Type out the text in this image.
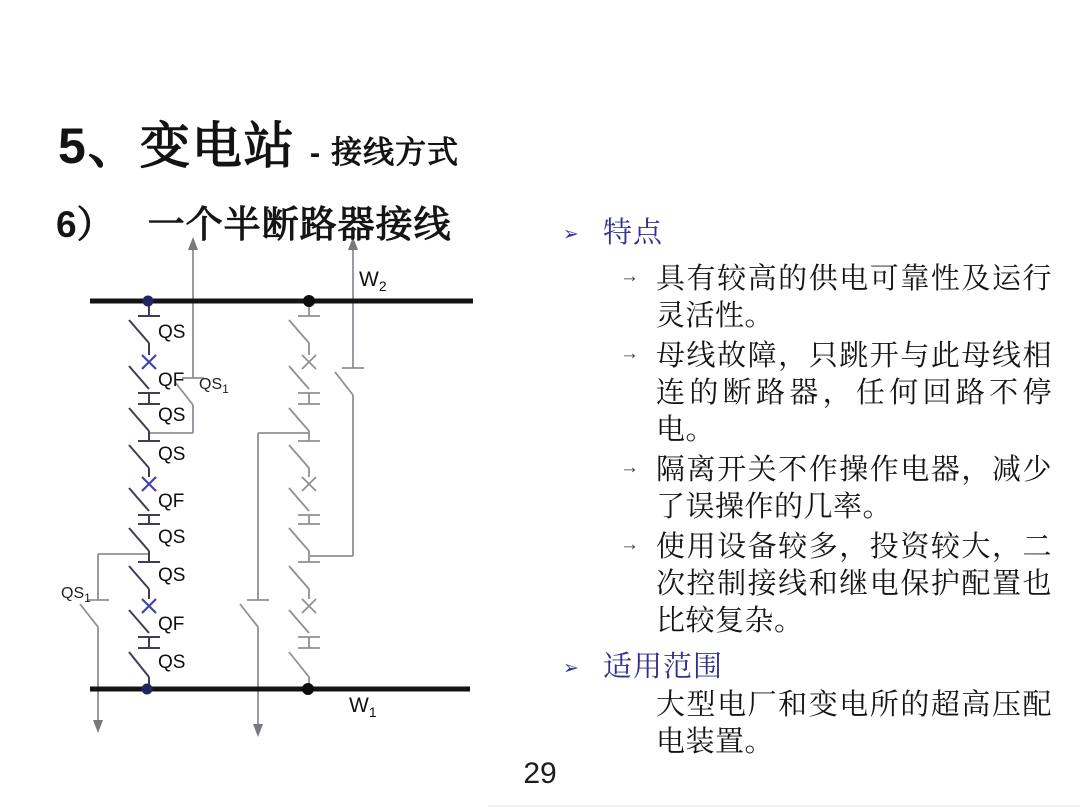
QS
QF
QS
QS
QF
QS
QS
QF
QS
$QS_1$
$QS_1$
$W_2$
$W_1$
5、 变电站 - 接线方式
6） 一个半断路器接线	➢ 特点
→ 具有较高的供电可靠性及运行灵活性。
→ 母线故障，只跳开与此母线相连的断路器，任何回路不停电。
→ 隔离开关不作操作电器，减少了误操作的几率。
→ 使用设备较多，投资较大，二次控制接线和继电保护配置也比较复杂。
➢ 适用范围
大型电厂和变电所的超高压配电装置。
29
